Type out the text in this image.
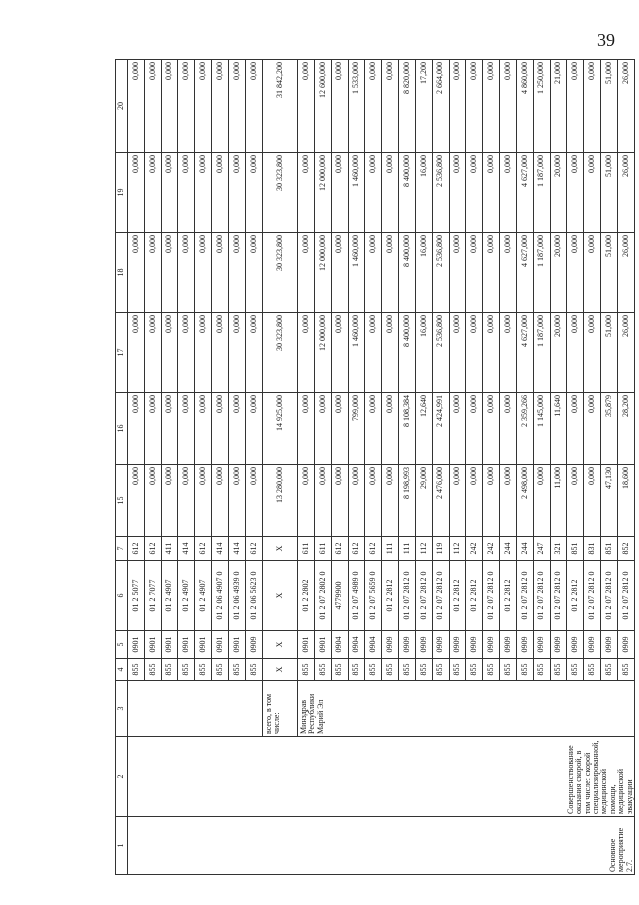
39
1	2	3	4	5	6	7	15	16	17	18	19	20
Основное мероприятие 2.7.	Совершенствование оказания скорой, в том числе: скорой специализированной, медицинской помощи, медицинской эвакуации		855	0901	01 2 5077	612	0,000	0,000	0,000	0,000	0,000	0,000
			855	0901	01 2 7077	612	0,000	0,000	0,000	0,000	0,000	0,000
			855	0901	01 2 4907	411	0,000	0,000	0,000	0,000	0,000	0,000
			855	0901	01 2 4907	414	0,000	0,000	0,000	0,000	0,000	0,000
			855	0901	01 2 4907	612	0,000	0,000	0,000	0,000	0,000	0,000
			855	0901	01 2 06 4907 0	414	0,000	0,000	0,000	0,000	0,000	0,000
			855	0901	01 2 06 4939 0	414	0,000	0,000	0,000	0,000	0,000	0,000
			855	0909	01 2 06 5623 0	612	0,000	0,000	0,000	0,000	0,000	0,000
		всего, в том числе:	X	X	X	X	13 280,000	14 925,000	30 323,800	30 323,800	30 323,800	31 842,200
		Минздрав Республики Марий Эл	855	0901	01 2 2802	611	0,000	0,000	0,000	0,000	0,000	0,000
			855	0901	01 2 07 2802 0	611	0,000	0,000	12 000,000	12 000,000	12 000,000	12 600,000
			855	0904	4779900	612	0,000	0,000	0,000	0,000	0,000	0,000
			855	0904	01 2 07 4989 0	612	0,000	799,000	1 460,000	1 460,000	1 460,000	1 533,000
			855	0904	01 2 07 5659 0	612	0,000	0,000	0,000	0,000	0,000	0,000
			855	0909	01 2 2812	111	0,000	0,000	0,000	0,000	0,000	0,000
			855	0909	01 2 07 2812 0	111	8 198,993	8 108,384	8 400,000	8 400,000	8 400,000	8 820,000
			855	0909	01 2 07 2812 0	112	29,000	12,640	16,000	16,000	16,000	17,200
			855	0909	01 2 07 2812 0	119	2 476,000	2 424,991	2 536,800	2 536,800	2 536,800	2 664,000
			855	0909	01 2 2812	112	0,000	0,000	0,000	0,000	0,000	0,000
			855	0909	01 2 2812	242	0,000	0,000	0,000	0,000	0,000	0,000
			855	0909	01 2 07 2812 0	242	0,000	0,000	0,000	0,000	0,000	0,000
			855	0909	01 2 2812	244	0,000	0,000	0,000	0,000	0,000	0,000
			855	0909	01 2 07 2812 0	244	2 498,000	2 359,266	4 627,000	4 627,000	4 627,000	4 860,000
			855	0909	01 2 07 2812 0	247	0,000	1 145,000	1 187,000	1 187,000	1 187,000	1 250,000
			855	0909	01 2 07 2812 0	321	11,000	11,640	20,000	20,000	20,000	21,000
			855	0909	01 2 2812	851	0,000	0,000	0,000	0,000	0,000	0,000
			855	0909	01 2 07 2812 0	831	0,000	0,000	0,000	0,000	0,000	0,000
			855	0909	01 2 07 2812 0	851	47,130	35,879	51,000	51,000	51,000	51,000
			855	0909	01 2 07 2812 0	852	18,600	28,200	26,000	26,000	26,000	26,000
